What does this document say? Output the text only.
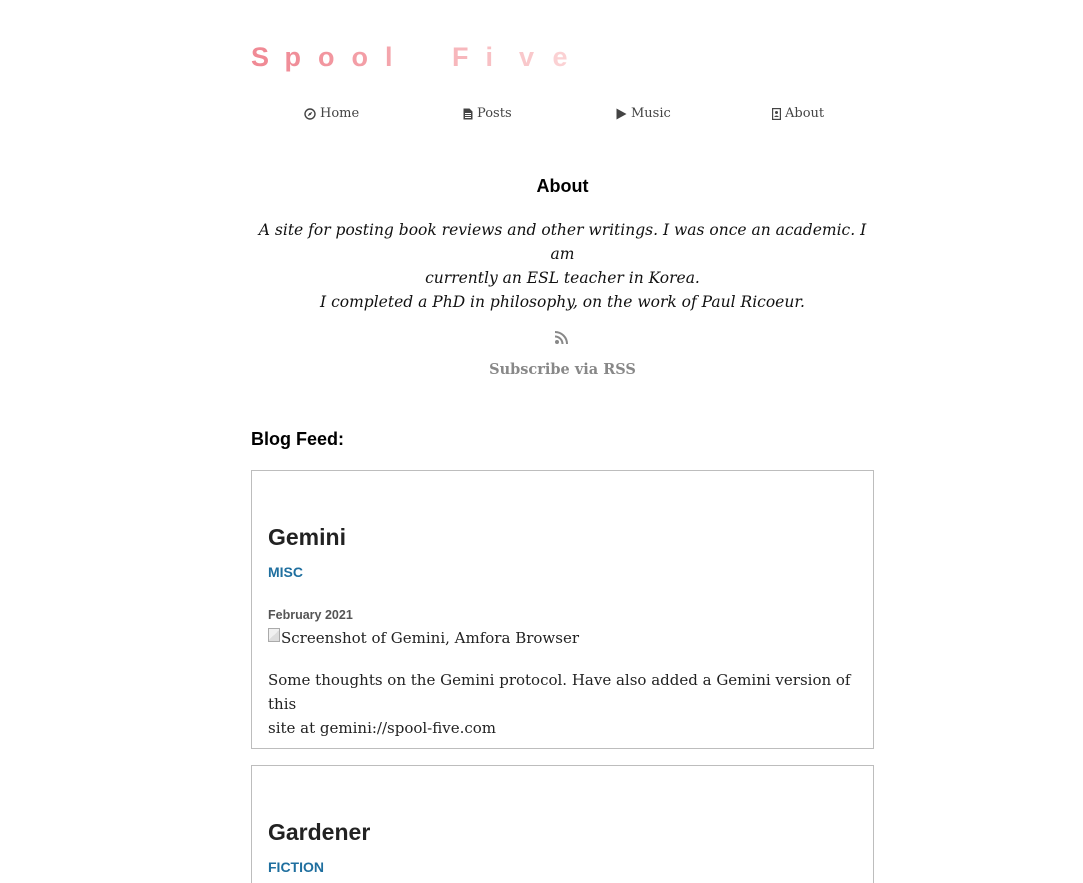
S p o o l
	F i v e
Home	Posts	Music	About
About

A site for posting book reviews and other writings. I was once an academic. I am
currently an ESL teacher in Korea.

I completed a PhD in philosophy, on the work of Paul Ricoeur.

Subscribe via RSS
Blog Feed:
Gemini
MISC
February 2021
Screenshot of Gemini, Amfora Browser

Some thoughts on the Gemini protocol. Have also added a Gemini version of this
site at gemini://spool-five.com

Gardener
FICTION
